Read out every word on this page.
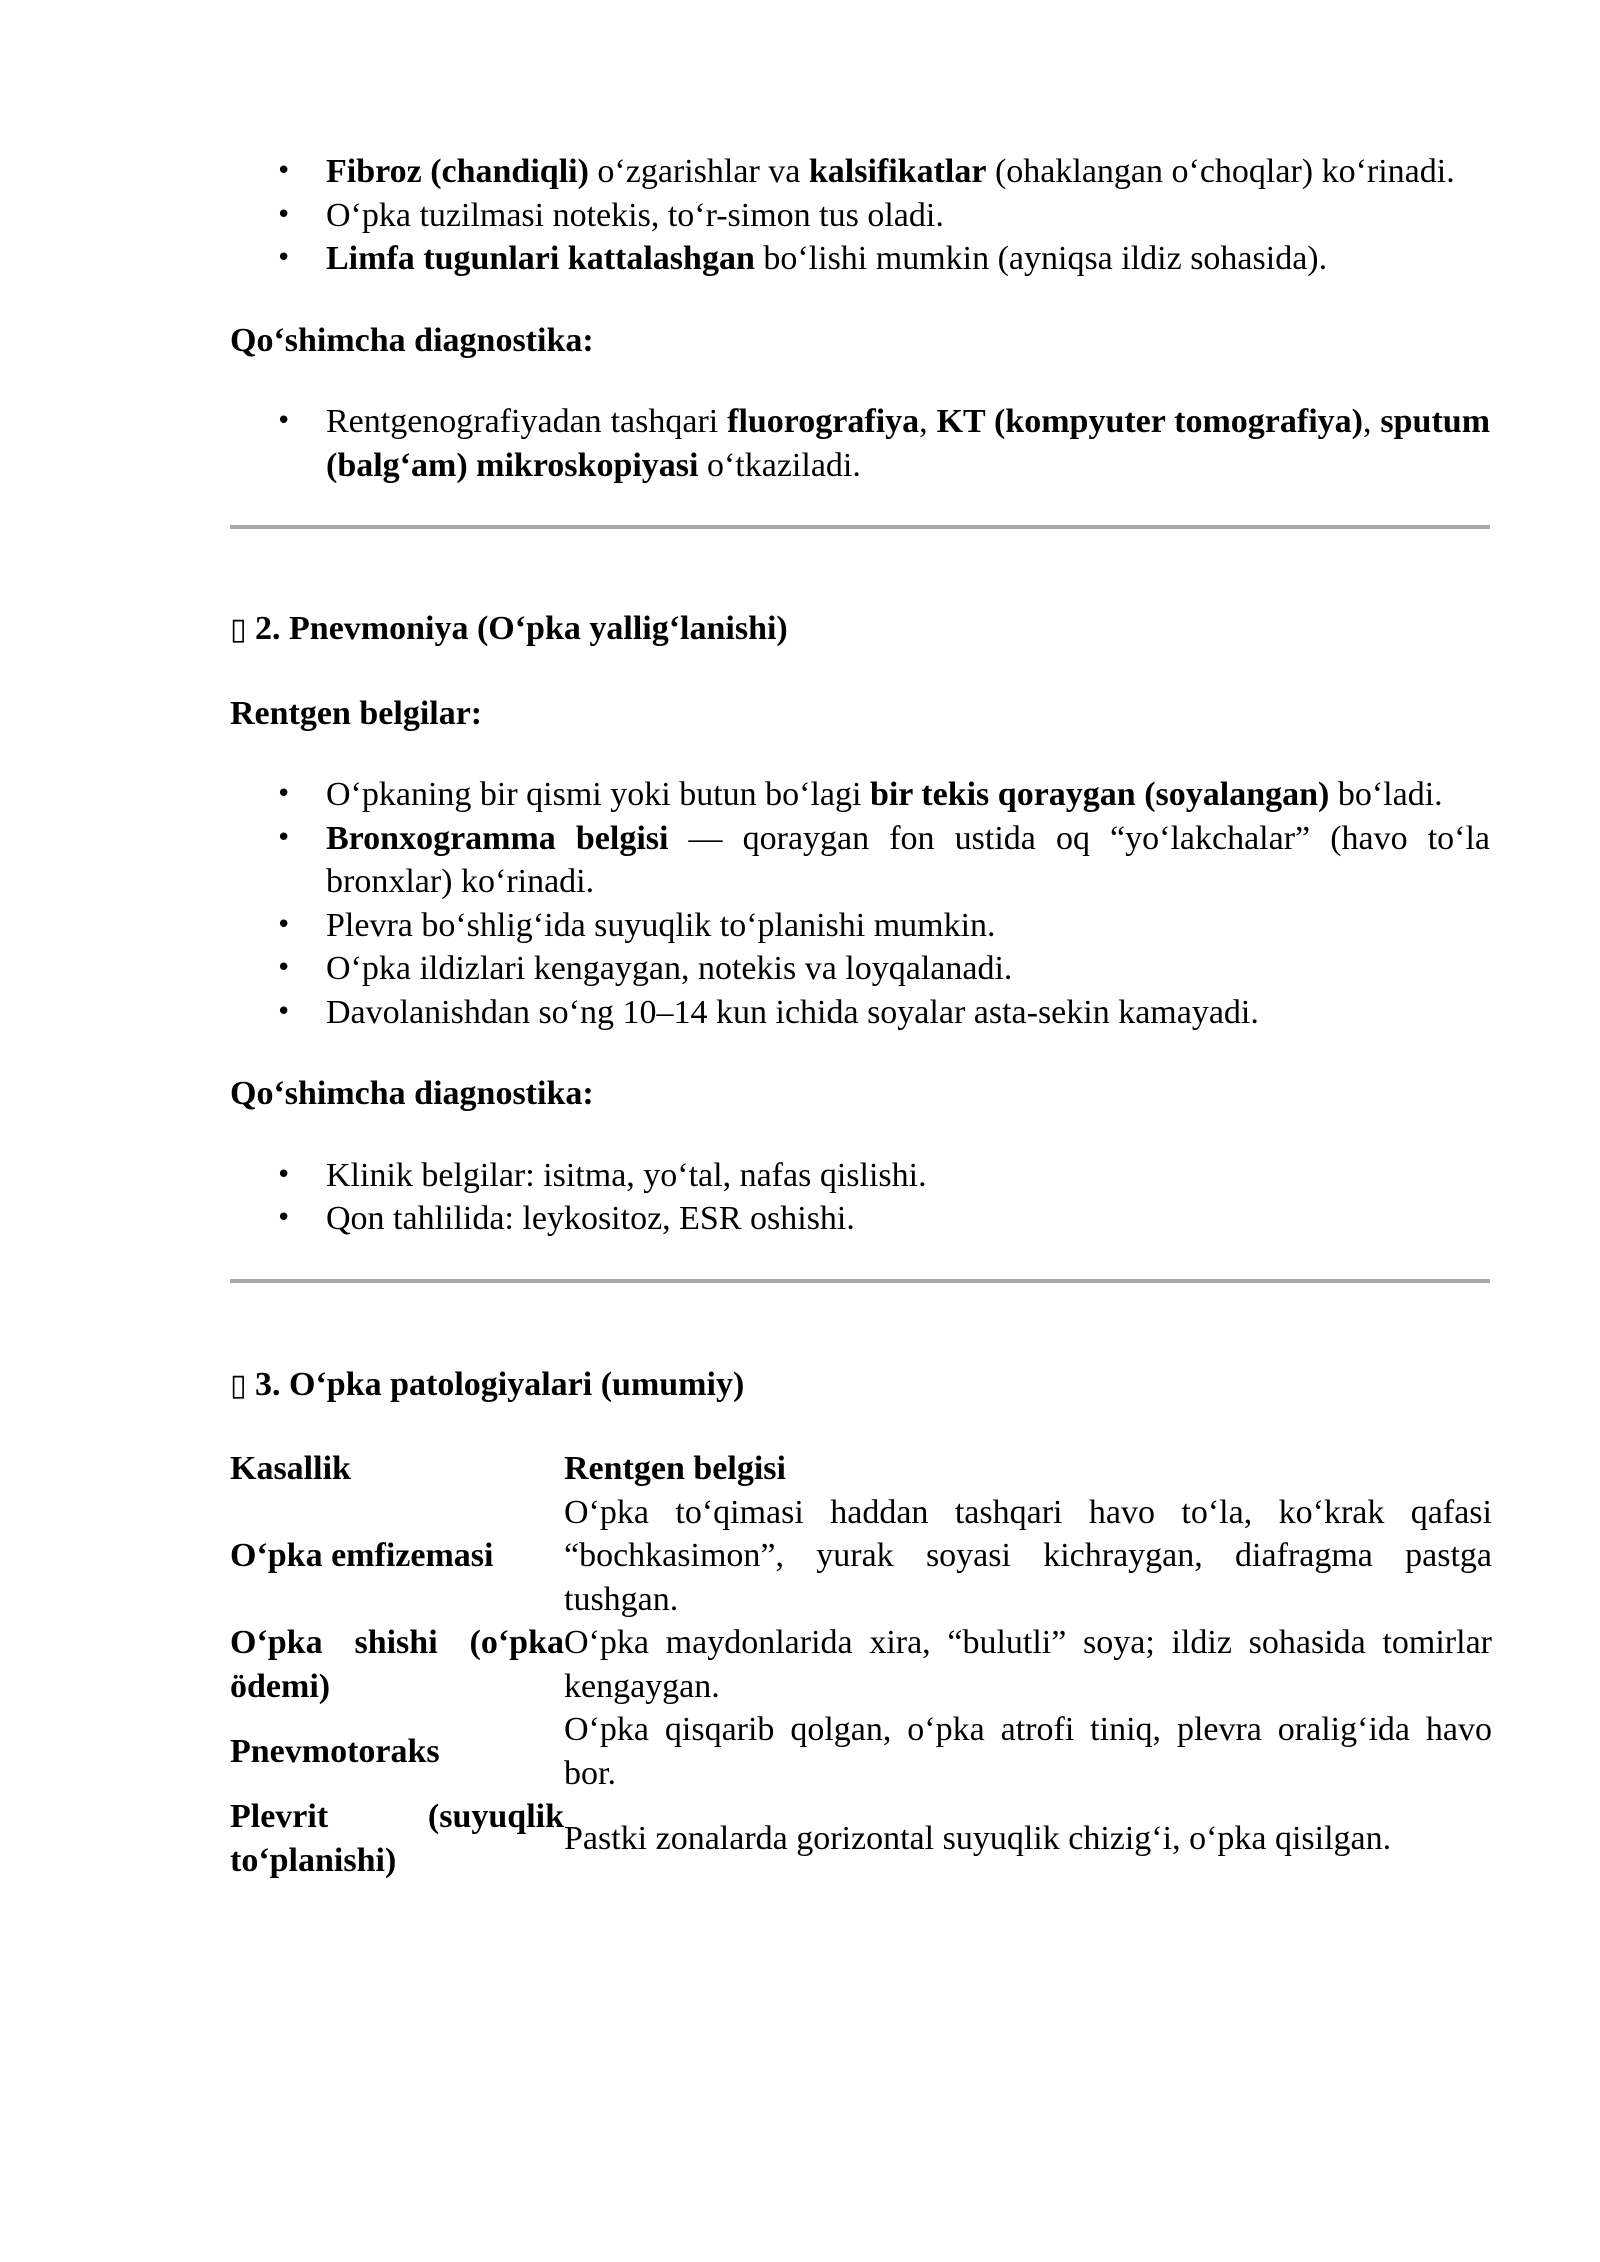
• Fibroz (chandiqli) o‘zgarishlar va kalsifikatlar (ohaklangan o‘choqlar) ko‘rinadi.
• O‘pka tuzilmasi notekis, to‘r-simon tus oladi.
• Limfa tugunlari kattalashgan bo‘lishi mumkin (ayniqsa ildiz sohasida).

Qo‘shimcha diagnostika:

• Rentgenografiyadan tashqari fluorografiya, KT (kompyuter tomografiya), sputum (balg‘am) mikroskopiyasi o‘tkaziladi.

▯ 2. Pnevmoniya (O‘pka yallig‘lanishi)

Rentgen belgilar:

• O‘pkaning bir qismi yoki butun bo‘lagi bir tekis qoraygan (soyalangan) bo‘ladi.
• Bronxogramma belgisi — qoraygan fon ustida oq “yo‘lakchalar” (havo to‘la bronxlar) ko‘rinadi.
• Plevra bo‘shlig‘ida suyuqlik to‘planishi mumkin.
• O‘pka ildizlari kengaygan, notekis va loyqalanadi.
• Davolanishdan so‘ng 10–14 kun ichida soyalar asta-sekin kamayadi.

Qo‘shimcha diagnostika:

• Klinik belgilar: isitma, yo‘tal, nafas qislishi.
• Qon tahlilida: leykositoz, ESR oshishi.

▯ 3. O‘pka patologiyalari (umumiy)

Kasallik	Rentgen belgisi
O‘pka emfizemasi	O‘pka to‘qimasi haddan tashqari havo to‘la, ko‘krak qafasi “bochkasimon”, yurak soyasi kichraygan, diafragma pastga tushgan.
O‘pka shishi (o‘pka ödemi)	O‘pka maydonlarida xira, “bulutli” soya; ildiz sohasida tomirlar kengaygan.
Pnevmotoraks	O‘pka qisqarib qolgan, o‘pka atrofi tiniq, plevra oralig‘ida havo bor.
Plevrit (suyuqlik to‘planishi)	Pastki zonalarda gorizontal suyuqlik chizig‘i, o‘pka qisilgan.
